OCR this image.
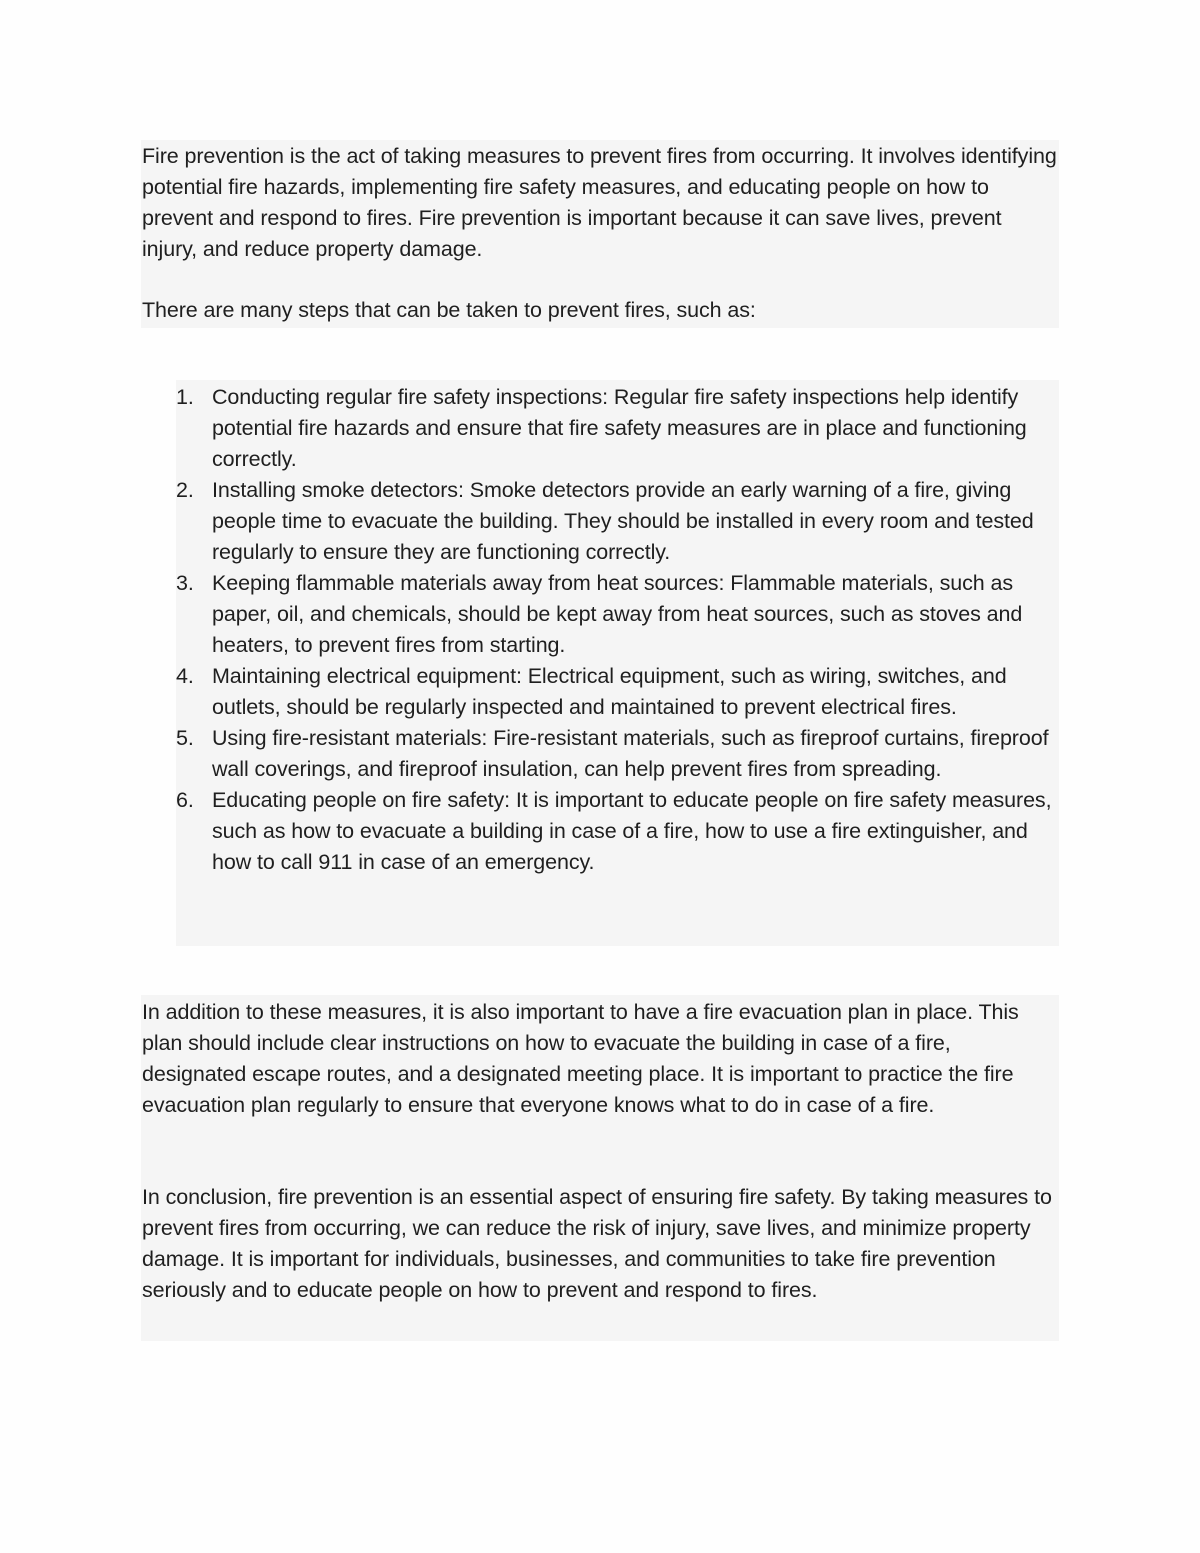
Fire prevention is the act of taking measures to prevent fires from occurring. It involves identifying potential fire hazards, implementing fire safety measures, and educating people on how to prevent and respond to fires. Fire prevention is important because it can save lives, prevent injury, and reduce property damage.

There are many steps that can be taken to prevent fires, such as:

1. Conducting regular fire safety inspections: Regular fire safety inspections help identify potential fire hazards and ensure that fire safety measures are in place and functioning correctly.
2. Installing smoke detectors: Smoke detectors provide an early warning of a fire, giving people time to evacuate the building. They should be installed in every room and tested regularly to ensure they are functioning correctly.
3. Keeping flammable materials away from heat sources: Flammable materials, such as paper, oil, and chemicals, should be kept away from heat sources, such as stoves and heaters, to prevent fires from starting.
4. Maintaining electrical equipment: Electrical equipment, such as wiring, switches, and outlets, should be regularly inspected and maintained to prevent electrical fires.
5. Using fire-resistant materials: Fire-resistant materials, such as fireproof curtains, fireproof wall coverings, and fireproof insulation, can help prevent fires from spreading.
6. Educating people on fire safety: It is important to educate people on fire safety measures, such as how to evacuate a building in case of a fire, how to use a fire extinguisher, and how to call 911 in case of an emergency.

In addition to these measures, it is also important to have a fire evacuation plan in place. This plan should include clear instructions on how to evacuate the building in case of a fire, designated escape routes, and a designated meeting place. It is important to practice the fire evacuation plan regularly to ensure that everyone knows what to do in case of a fire.

In conclusion, fire prevention is an essential aspect of ensuring fire safety. By taking measures to prevent fires from occurring, we can reduce the risk of injury, save lives, and minimize property damage. It is important for individuals, businesses, and communities to take fire prevention seriously and to educate people on how to prevent and respond to fires.
